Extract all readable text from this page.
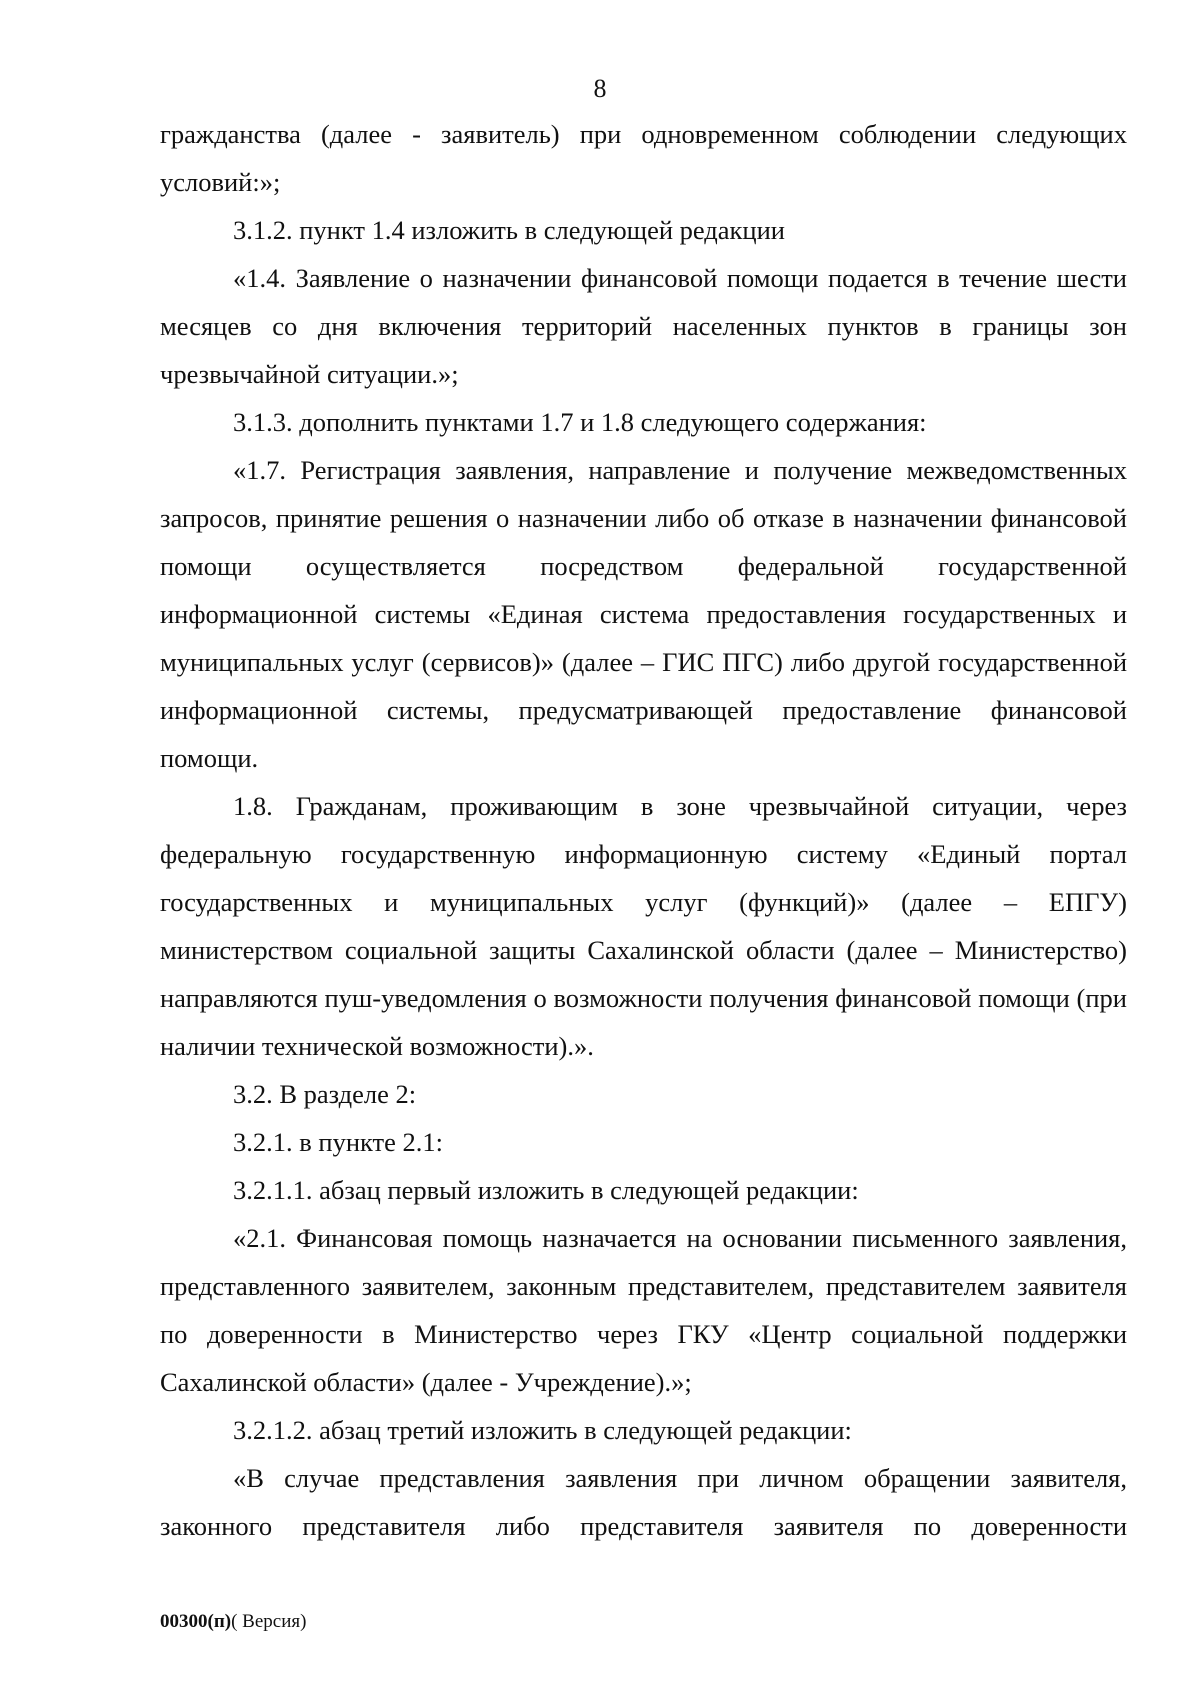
8

гражданства (далее - заявитель) при одновременном соблюдении следующих условий:»;

3.1.2. пункт 1.4 изложить в следующей редакции

«1.4. Заявление о назначении финансовой помощи подается в течение шести месяцев со дня включения территорий населенных пунктов в границы зон чрезвычайной ситуации.»;

3.1.3. дополнить пунктами 1.7 и 1.8 следующего содержания:

«1.7. Регистрация заявления, направление и получение межведомственных запросов, принятие решения о назначении либо об отказе в назначении финансовой помощи осуществляется посредством федеральной государственной информационной системы «Единая система предоставления государственных и муниципальных услуг (сервисов)» (далее – ГИС ПГС) либо другой государственной информационной системы, предусматривающей предоставление финансовой помощи.

1.8. Гражданам, проживающим в зоне чрезвычайной ситуации, через федеральную государственную информационную систему «Единый портал государственных и муниципальных услуг (функций)» (далее – ЕПГУ) министерством социальной защиты Сахалинской области (далее – Министерство) направляются пуш-уведомления о возможности получения финансовой помощи (при наличии технической возможности).».

3.2. В разделе 2:

3.2.1. в пункте 2.1:

3.2.1.1. абзац первый изложить в следующей редакции:

«2.1. Финансовая помощь назначается на основании письменного заявления, представленного заявителем, законным представителем, представителем заявителя по доверенности в Министерство через ГКУ «Центр социальной поддержки Сахалинской области» (далее - Учреждение).»;

3.2.1.2. абзац третий изложить в следующей редакции:

«В случае представления заявления при личном обращении заявителя, законного представителя либо представителя заявителя по доверенности

00300(п)( Версия)
